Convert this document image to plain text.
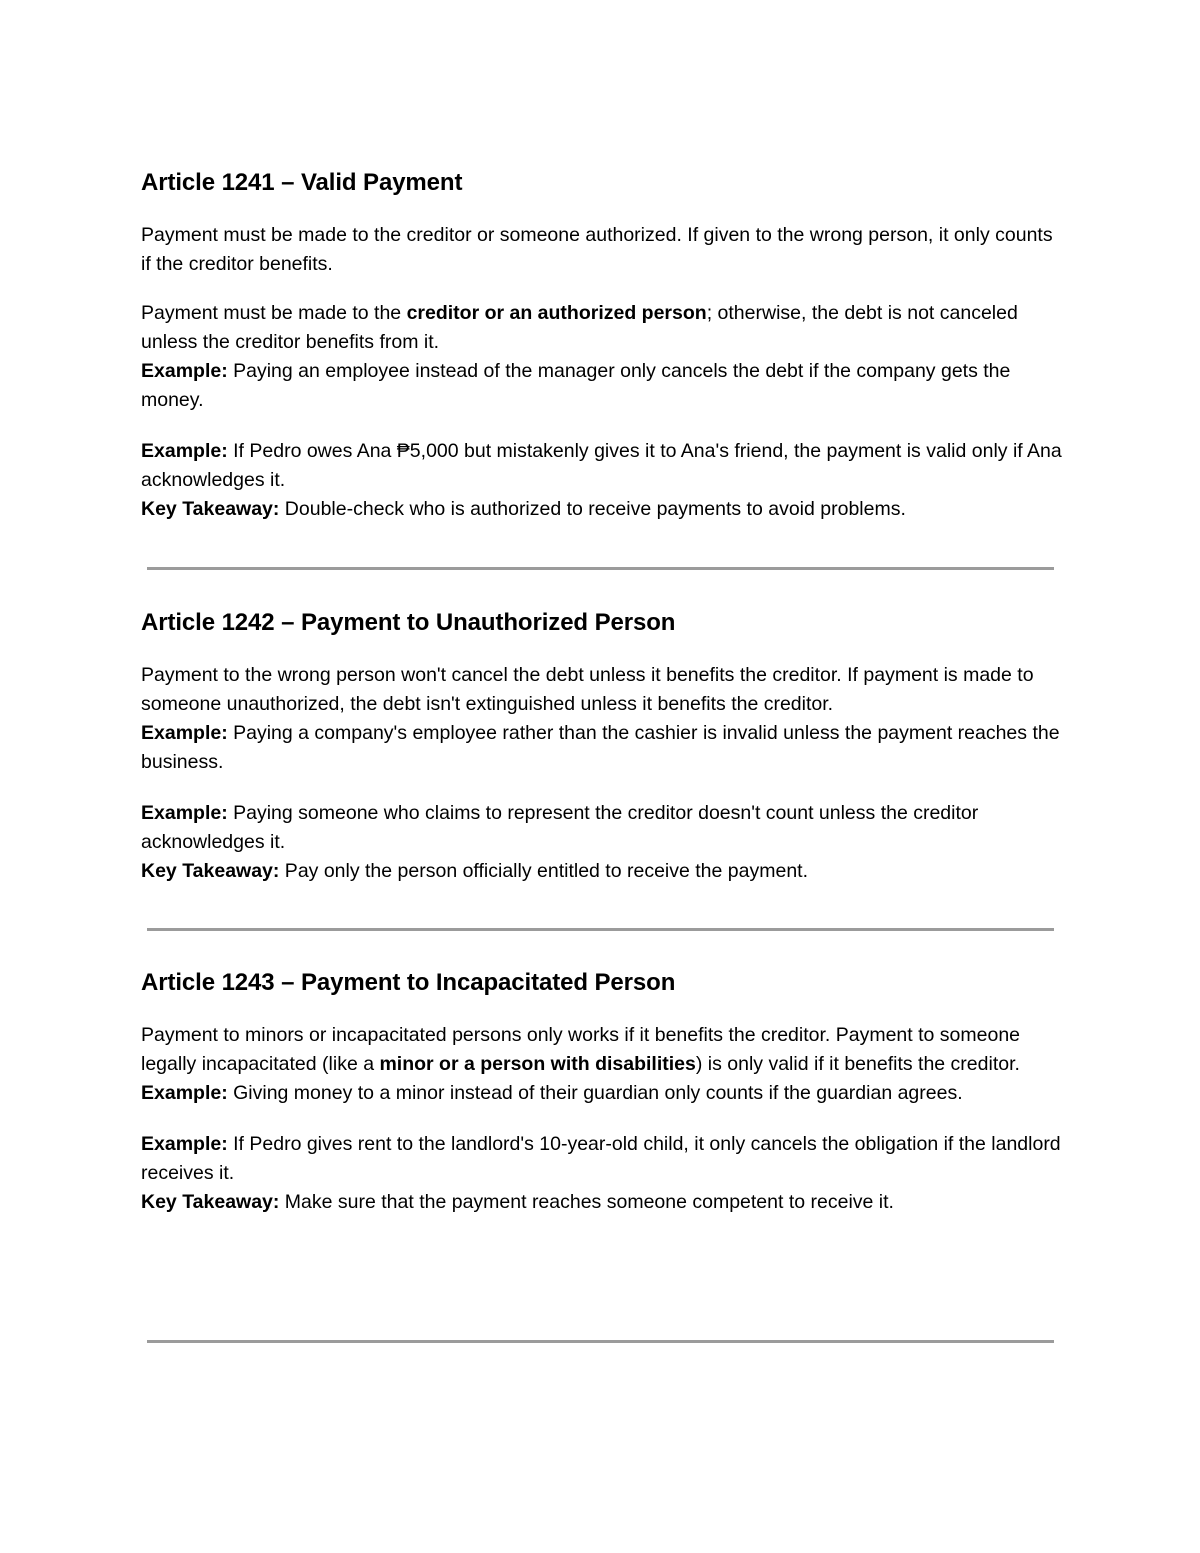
Article 1241 – Valid Payment

Payment must be made to the creditor or someone authorized. If given to the wrong person, it only counts if the creditor benefits.

Payment must be made to the creditor or an authorized person; otherwise, the debt is not canceled unless the creditor benefits from it.

Example: Paying an employee instead of the manager only cancels the debt if the company gets the money.

Example: If Pedro owes Ana ₱5,000 but mistakenly gives it to Ana's friend, the payment is valid only if Ana acknowledges it.

Key Takeaway: Double-check who is authorized to receive payments to avoid problems.

Article 1242 – Payment to Unauthorized Person

Payment to the wrong person won't cancel the debt unless it benefits the creditor. If payment is made to someone unauthorized, the debt isn't extinguished unless it benefits the creditor.

Example: Paying a company's employee rather than the cashier is invalid unless the payment reaches the business.

Example: Paying someone who claims to represent the creditor doesn't count unless the creditor acknowledges it.

Key Takeaway: Pay only the person officially entitled to receive the payment.

Article 1243 – Payment to Incapacitated Person

Payment to minors or incapacitated persons only works if it benefits the creditor. Payment to someone legally incapacitated (like a minor or a person with disabilities) is only valid if it benefits the creditor.

Example: Giving money to a minor instead of their guardian only counts if the guardian agrees.

Example: If Pedro gives rent to the landlord's 10-year-old child, it only cancels the obligation if the landlord receives it.

Key Takeaway: Make sure that the payment reaches someone competent to receive it.
